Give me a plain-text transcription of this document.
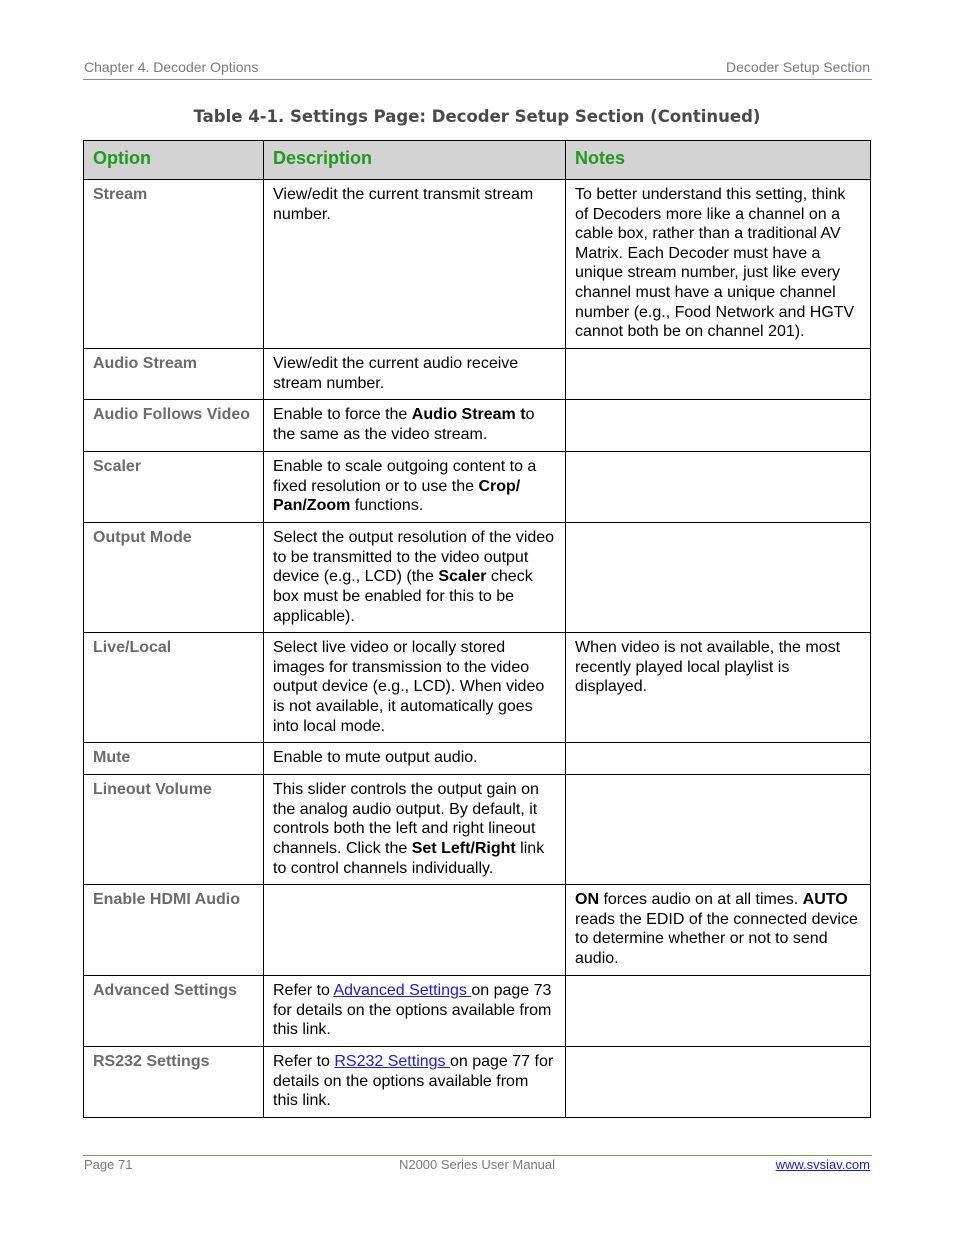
Chapter 4. Decoder Options	Decoder Setup Section
Table 4-1. Settings Page: Decoder Setup Section (Continued)
Option	Description	Notes
Stream	View/edit the current transmit stream number.	To better understand this setting, think of Decoders more like a channel on a cable box, rather than a traditional AV Matrix. Each Decoder must have a unique stream number, just like every channel must have a unique channel number (e.g., Food Network and HGTV cannot both be on channel 201).
Audio Stream	View/edit the current audio receive stream number.	
Audio Follows Video	Enable to force the Audio Stream to the same as the video stream.	
Scaler	Enable to scale outgoing content to a fixed resolution or to use the Crop/ Pan/Zoom functions.	
Output Mode	Select the output resolution of the video to be transmitted to the video output device (e.g., LCD) (the Scaler check box must be enabled for this to be applicable).	
Live/Local	Select live video or locally stored images for transmission to the video output device (e.g., LCD). When video is not available, it automatically goes into local mode.	When video is not available, the most recently played local playlist is displayed.
Mute	Enable to mute output audio.	
Lineout Volume	This slider controls the output gain on the analog audio output. By default, it controls both the left and right lineout channels. Click the Set Left/Right link to control channels individually.	
Enable HDMI Audio		ON forces audio on at all times. AUTO reads the EDID of the connected device to determine whether or not to send audio.
Advanced Settings	Refer to Advanced Settings on page 73 for details on the options available from this link.	
RS232 Settings	Refer to RS232 Settings on page 77 for details on the options available from this link.	
Page 71	N2000 Series User Manual	www.svsiav.com
